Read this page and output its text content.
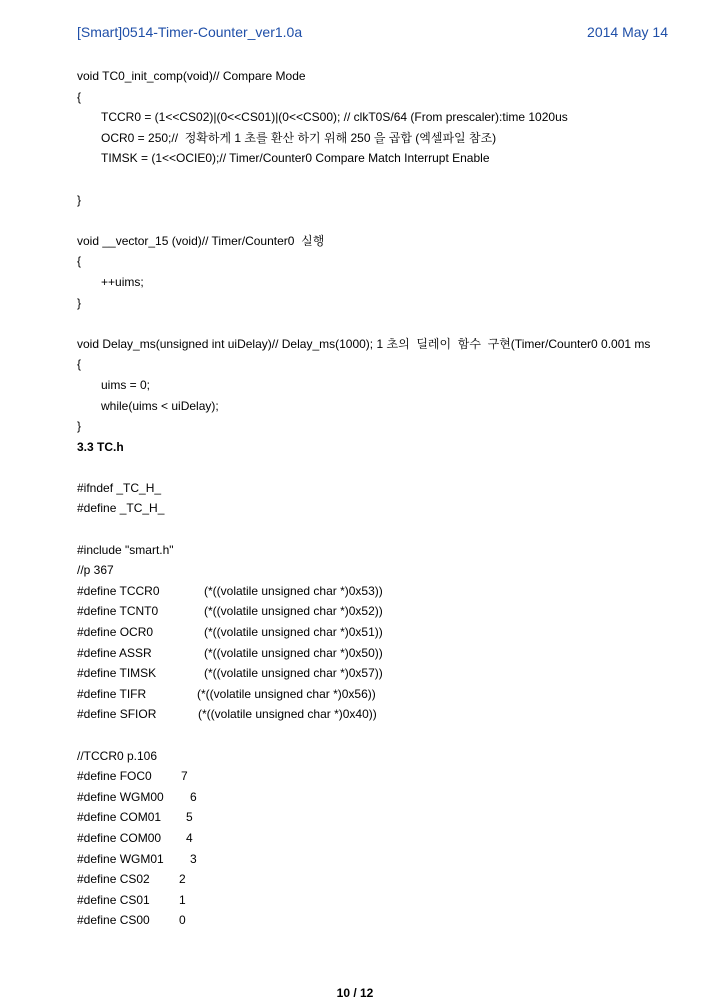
[Smart]0514-Timer-Counter_ver1.0a	2014 May 14
void TC0_init_comp(void)// Compare Mode
{
TCCR0 = (1<<CS02)|(0<<CS01)|(0<<CS00); // clkT0S/64 (From prescaler):time 1020us
OCR0 = 250;//  정확하게 1 초를 환산 하기 위해 250 을 곱합 (엑셀파일 참조)
TIMSK = (1<<OCIE0);// Timer/Counter0 Compare Match Interrupt Enable
}
void __vector_15 (void)// Timer/Counter0  실행
{
++uims;
}
void Delay_ms(unsigned int uiDelay)// Delay_ms(1000); 1 초의  딜레이  함수  구현(Timer/Counter0 0.001 ms
{
uims = 0;
while(uims < uiDelay);
}
3.3 TC.h
#ifndef _TC_H_
#define _TC_H_
#include "smart.h"
//p 367
#define TCCR0	(*((volatile unsigned char *)0x53))
#define TCNT0	(*((volatile unsigned char *)0x52))
#define OCR0	(*((volatile unsigned char *)0x51))
#define ASSR	(*((volatile unsigned char *)0x50))
#define TIMSK	(*((volatile unsigned char *)0x57))
#define TIFR	(*((volatile unsigned char *)0x56))
#define SFIOR	(*((volatile unsigned char *)0x40))
//TCCR0 p.106
#define FOC0 7
#define WGM00 6
#define COM01 5
#define COM00 4
#define WGM01 3
#define CS02 2
#define CS01 1
#define CS00 0
10 / 12
